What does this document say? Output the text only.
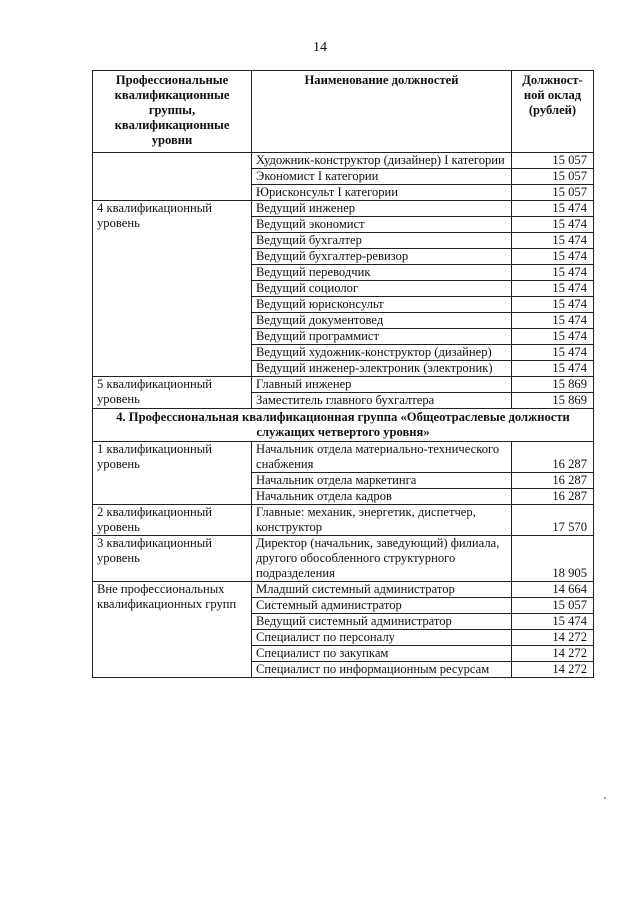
14
Профессиональные квалификационные группы, квалификационные уровни	Наименование должностей	Должност-ной оклад (рублей)
	Художник-конструктор (дизайнер) I категории	15 057
	Экономист I категории	15 057
	Юрисконсульт I категории	15 057
4 квалификационный уровень	Ведущий инженер	15 474
	Ведущий экономист	15 474
	Ведущий бухгалтер	15 474
	Ведущий бухгалтер-ревизор	15 474
	Ведущий переводчик	15 474
	Ведущий социолог	15 474
	Ведущий юрисконсульт	15 474
	Ведущий документовед	15 474
	Ведущий программист	15 474
	Ведущий художник-конструктор (дизайнер)	15 474
	Ведущий инженер-электроник (электроник)	15 474
5 квалификационный уровень	Главный инженер	15 869
	Заместитель главного бухгалтера	15 869
4. Профессиональная квалификационная группа «Общеотраслевые должности служащих четвертого уровня»		
1 квалификационный уровень	Начальник отдела материально-технического снабжения	16 287
	Начальник отдела маркетинга	16 287
	Начальник отдела кадров	16 287
2 квалификационный уровень	Главные: механик, энергетик, диспетчер, конструктор	17 570
3 квалификационный уровень	Директор (начальник, заведующий) филиала, другого обособленного структурного подразделения	18 905
Вне профессиональных квалификационных групп	Младший системный администратор	14 664
	Системный администратор	15 057
	Ведущий системный администратор	15 474
	Специалист по персоналу	14 272
	Специалист по закупкам	14 272
	Специалист по информационным ресурсам	14 272
